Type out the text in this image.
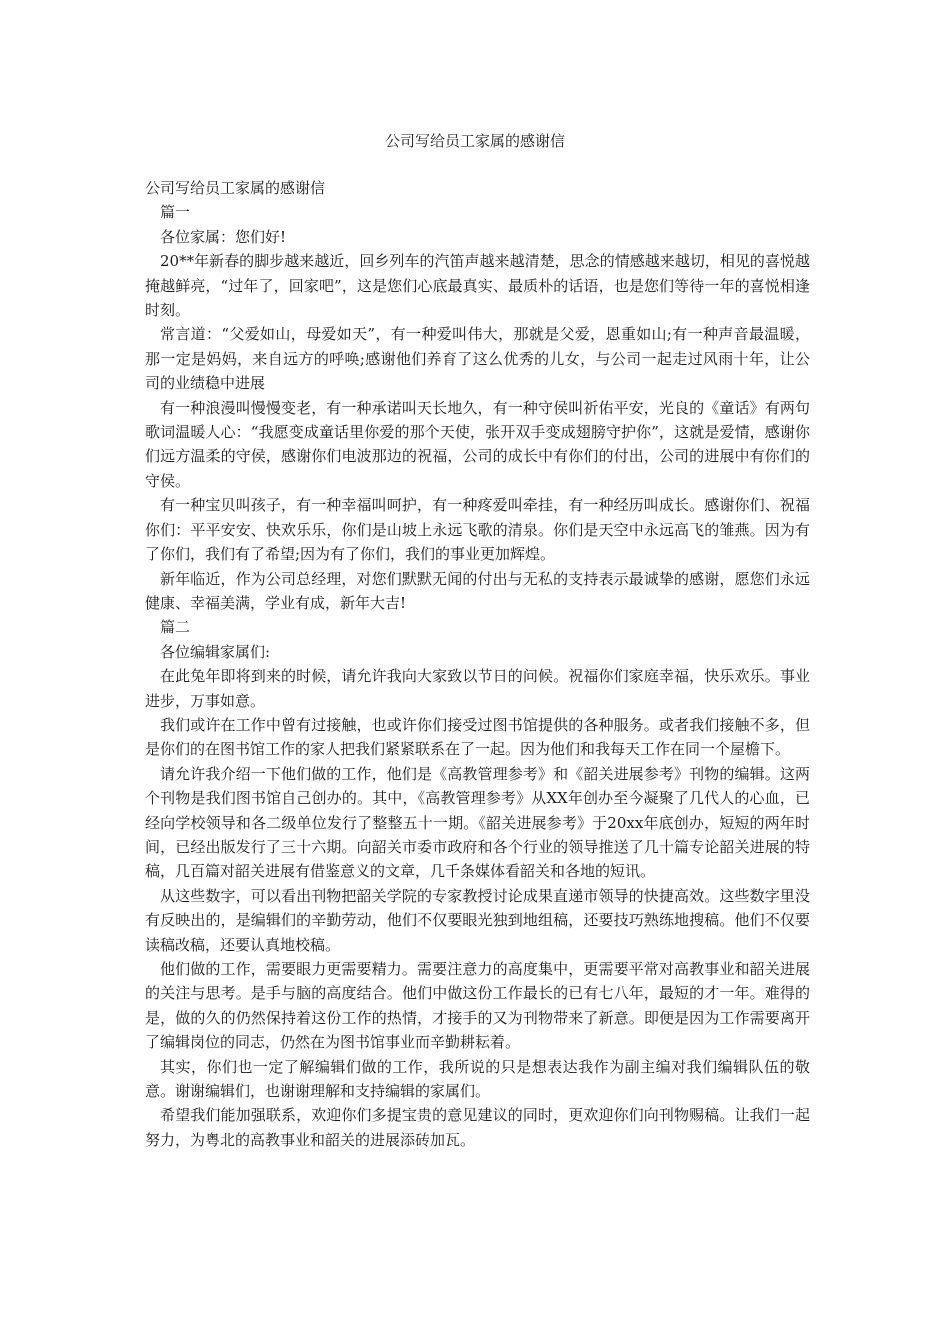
公司写给员工家属的感谢信

公司写给员工家属的感谢信

篇一

各位家属：您们好!

20**年新春的脚步越来越近，回乡列车的汽笛声越来越清楚，思念的情感越来越切，相见的喜悦越掩越鲜亮，“过年了，回家吧”，这是您们心底最真实、最质朴的话语，也是您们等待一年的喜悦相逢时刻。

常言道：“父爱如山，母爱如天”，有一种爱叫伟大，那就是父爱，恩重如山;有一种声音最温暖，那一定是妈妈，来自远方的呼唤;感谢他们养育了这么优秀的儿女，与公司一起走过风雨十年，让公司的业绩稳中进展

有一种浪漫叫慢慢变老，有一种承诺叫天长地久，有一种守侯叫祈佑平安，光良的《童话》有两句歌词温暖人心：“我愿变成童话里你爱的那个天使，张开双手变成翅膀守护你”，这就是爱情，感谢你们远方温柔的守侯，感谢你们电波那边的祝福，公司的成长中有你们的付出，公司的进展中有你们的守侯。

有一种宝贝叫孩子，有一种幸福叫呵护，有一种疼爱叫牵挂，有一种经历叫成长。感谢你们、祝福你们：平平安安、快欢乐乐，你们是山坡上永远飞歌的清泉。你们是天空中永远高飞的雏燕。因为有了你们，我们有了希望;因为有了你们，我们的事业更加辉煌。

新年临近，作为公司总经理，对您们默默无闻的付出与无私的支持表示最诚挚的感谢，愿您们永远健康、幸福美满，学业有成，新年大吉!

篇二

各位编辑家属们:

在此兔年即将到来的时候，请允许我向大家致以节日的问候。祝福你们家庭幸福，快乐欢乐。事业进步，万事如意。

我们或许在工作中曾有过接触，也或许你们接受过图书馆提供的各种服务。或者我们接触不多，但是你们的在图书馆工作的家人把我们紧紧联系在了一起。因为他们和我每天工作在同一个屋檐下。

请允许我介绍一下他们做的工作，他们是《高教管理参考》和《韶关进展参考》刊物的编辑。这两个刊物是我们图书馆自己创办的。其中，《高教管理参考》从XX年创办至今凝聚了几代人的心血，已经向学校领导和各二级单位发行了整整五十一期。《韶关进展参考》于20xx年底创办，短短的两年时间，已经出版发行了三十六期。向韶关市委市政府和各个行业的领导推送了几十篇专论韶关进展的特稿，几百篇对韶关进展有借鉴意义的文章，几千条媒体看韶关和各地的短讯。

从这些数字，可以看出刊物把韶关学院的专家教授讨论成果直递市领导的快捷高效。这些数字里没有反映出的，是编辑们的辛勤劳动，他们不仅要眼光独到地组稿，还要技巧熟练地搜稿。他们不仅要读稿改稿，还要认真地校稿。

他们做的工作，需要眼力更需要精力。需要注意力的高度集中，更需要平常对高教事业和韶关进展的关注与思考。是手与脑的高度结合。他们中做这份工作最长的已有七八年，最短的才一年。难得的是，做的久的仍然保持着这份工作的热情，才接手的又为刊物带来了新意。即便是因为工作需要离开了编辑岗位的同志，仍然在为图书馆事业而辛勤耕耘着。

其实，你们也一定了解编辑们做的工作，我所说的只是想表达我作为副主编对我们编辑队伍的敬意。谢谢编辑们，也谢谢理解和支持编辑的家属们。

希望我们能加强联系，欢迎你们多提宝贵的意见建议的同时，更欢迎你们向刊物赐稿。让我们一起努力，为粤北的高教事业和韶关的进展添砖加瓦。
